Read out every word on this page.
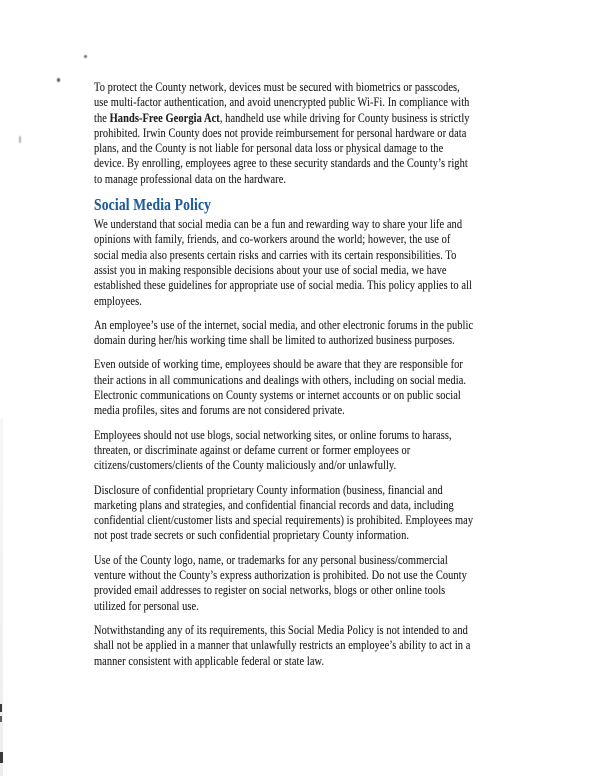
To protect the County network, devices must be secured with biometrics or passcodes,
use multi-factor authentication, and avoid unencrypted public Wi-Fi. In compliance with
the Hands-Free Georgia Act, handheld use while driving for County business is strictly
prohibited. Irwin County does not provide reimbursement for personal hardware or data
plans, and the County is not liable for personal data loss or physical damage to the
device. By enrolling, employees agree to these security standards and the County’s right
to manage professional data on the hardware.
Social Media Policy
We understand that social media can be a fun and rewarding way to share your life and
opinions with family, friends, and co-workers around the world; however, the use of
social media also presents certain risks and carries with its certain responsibilities. To
assist you in making responsible decisions about your use of social media, we have
established these guidelines for appropriate use of social media. This policy applies to all
employees.
An employee’s use of the internet, social media, and other electronic forums in the public
domain during her/his working time shall be limited to authorized business purposes.
Even outside of working time, employees should be aware that they are responsible for
their actions in all communications and dealings with others, including on social media.
Electronic communications on County systems or internet accounts or on public social
media profiles, sites and forums are not considered private.
Employees should not use blogs, social networking sites, or online forums to harass,
threaten, or discriminate against or defame current or former employees or
citizens/customers/clients of the County maliciously and/or unlawfully.
Disclosure of confidential proprietary County information (business, financial and
marketing plans and strategies, and confidential financial records and data, including
confidential client/customer lists and special requirements) is prohibited. Employees may
not post trade secrets or such confidential proprietary County information.
Use of the County logo, name, or trademarks for any personal business/commercial
venture without the County’s express authorization is prohibited. Do not use the County
provided email addresses to register on social networks, blogs or other online tools
utilized for personal use.
Notwithstanding any of its requirements, this Social Media Policy is not intended to and
shall not be applied in a manner that unlawfully restricts an employee’s ability to act in a
manner consistent with applicable federal or state law.
